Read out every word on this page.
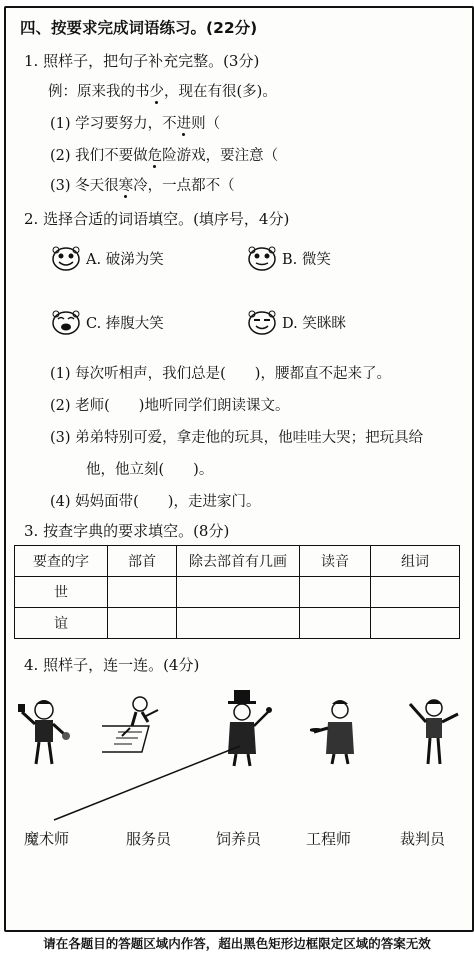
四、按要求完成词语练习。(22分)
1. 照样子，把句子补充完整。(3分)
例：原来我的书少，现在有很(多)。
(1) 学习要努力，不进则（
(2) 我们不要做危险游戏，要注意（
(3) 冬天很寒冷，一点都不（
2. 选择合适的词语填空。(填序号，4分)
A. 破涕为笑	B. 微笑
C. 捧腹大笑	D. 笑眯眯
(1) 每次听相声，我们总是(　　)，腰都直不起来了。
(2) 老师(　　)地听同学们朗读课文。
(3) 弟弟特别可爱，拿走他的玩具，他哇哇大哭；把玩具给
他，他立刻(　　)。
(4) 妈妈面带(　　)，走进家门。
3. 按查字典的要求填空。(8分)
要查的字	部首	除去部首有几画	读音	组词
世				
谊				
4. 照样子，连一连。(4分)
魔术师	服务员	饲养员	工程师	裁判员
请在各题目的答题区域内作答，超出黑色矩形边框限定区域的答案无效
